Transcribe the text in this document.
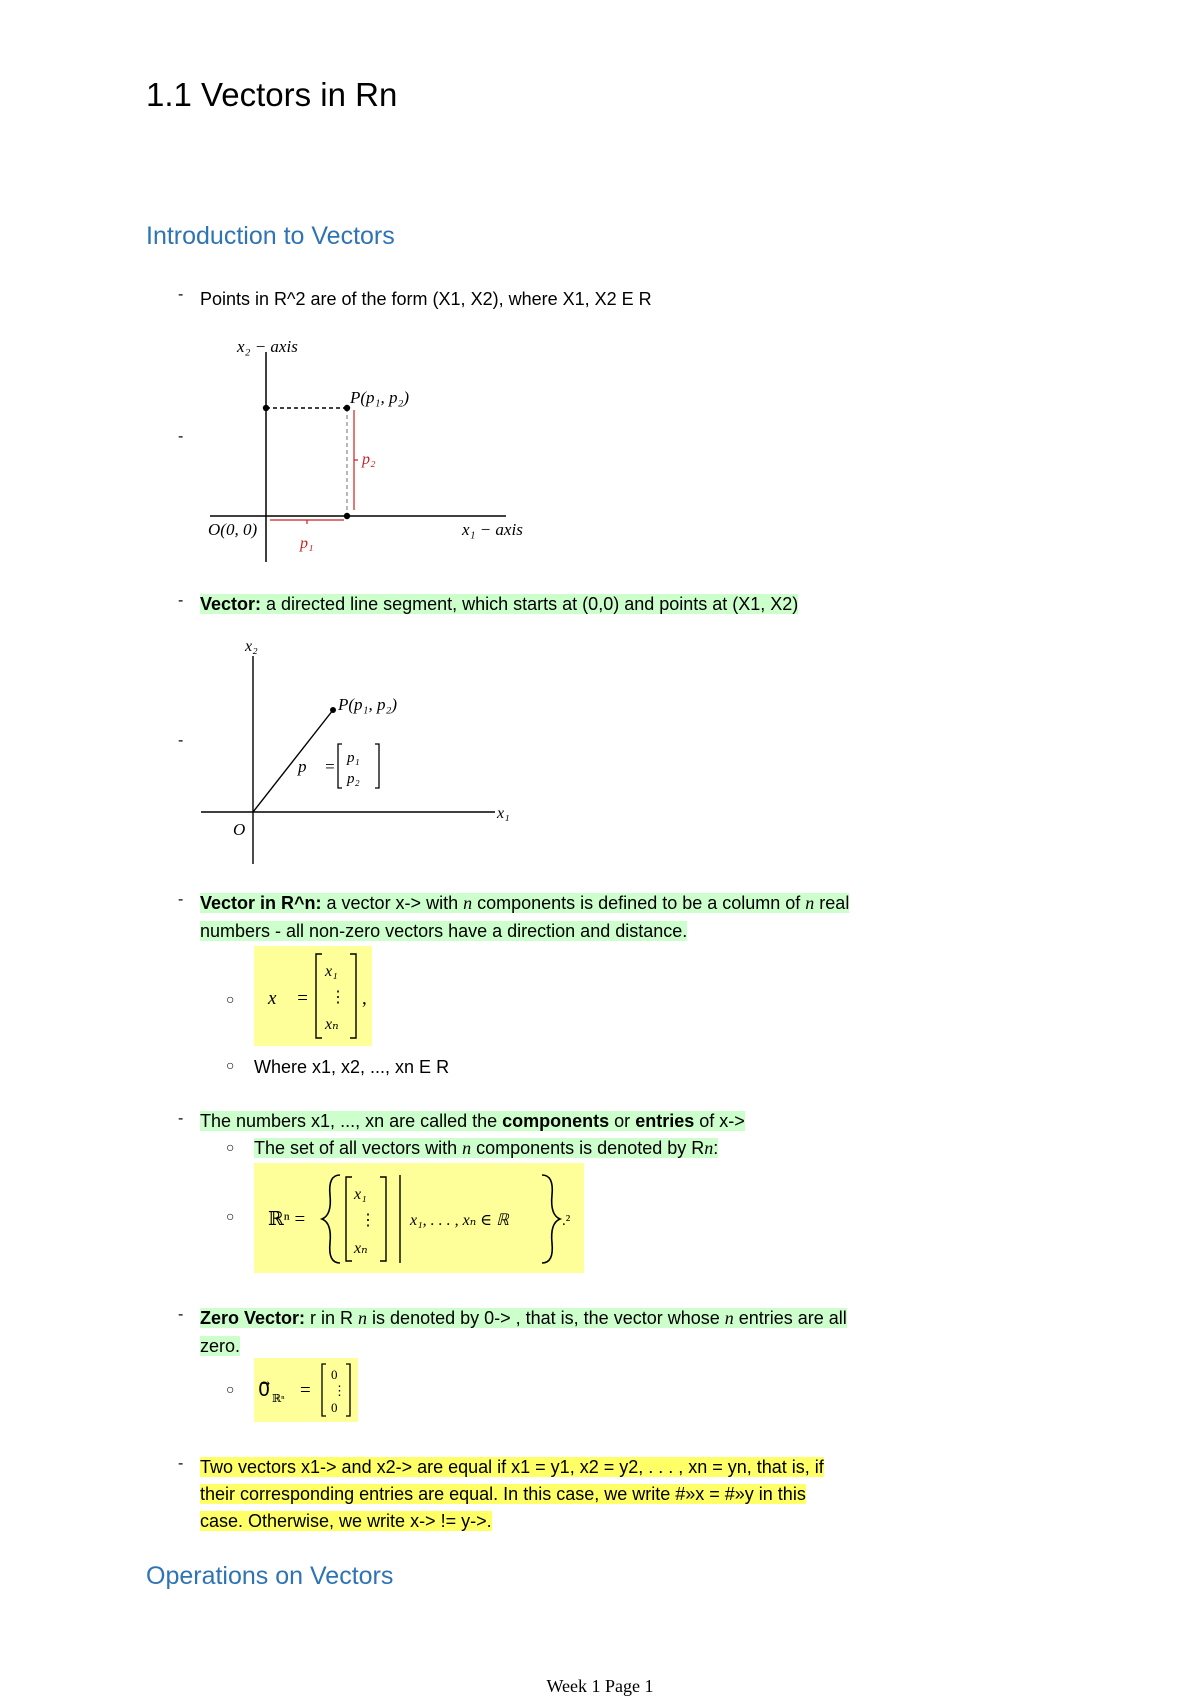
1.1 Vectors in Rn
Introduction to Vectors
- Points in R^2 are of the form (X1, X2), where X1, X2 E R
-
x₂ − axis
P(p₁, p₂)
p₂
O(0, 0)
p₁
x₁ − axis
- Vector: a directed line segment, which starts at (0,0) and points at (X1, X2)
-
x₂
P(p₁, p₂)
x₁
O
p⃗ = p₁
p₂
- Vector in R^n: a vector x-> with n components is defined to be a column of n real
numbers - all non-zero vectors have a direction and distance.
○ x⃗ =
x₁
⋮
xₙ
,
○ Where x1, x2, ..., xn E R
- The numbers x1, ..., xn are called the components or entries of x->
○ The set of all vectors with n components is denoted by Rn:
○ ℝⁿ =
x₁
⋮
xₙ
x₁, . . . , xₙ ∈ ℝ	.²
- Zero Vector: r in R n is denoted by 0-> , that is, the vector whose n entries are all
zero.
○ 0⃗ ℝⁿ =
0
⋮
0
- Two vectors x1-> and x2-> are equal if x1 = y1, x2 = y2, . . . , xn = yn, that is, if
their corresponding entries are equal. In this case, we write #»x = #»y in this
case. Otherwise, we write x-> != y->.
Operations on Vectors
Week 1 Page 1
